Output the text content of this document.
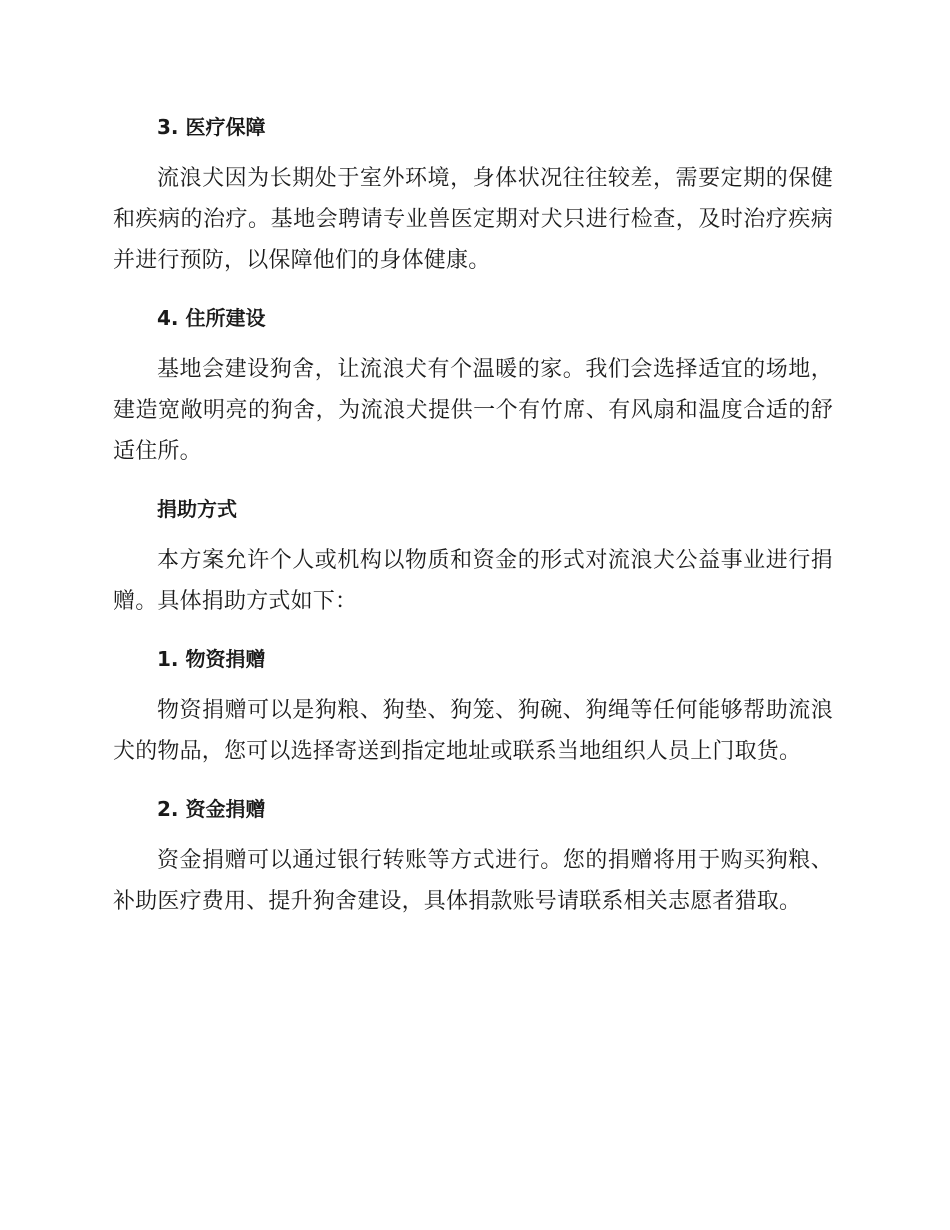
3. 医疗保障

流浪犬因为长期处于室外环境，身体状况往往较差，需要定期的保健和疾病的治疗。基地会聘请专业兽医定期对犬只进行检查，及时治疗疾病并进行预防，以保障他们的身体健康。

4. 住所建设

基地会建设狗舍，让流浪犬有个温暖的家。我们会选择适宜的场地，建造宽敞明亮的狗舍，为流浪犬提供一个有竹席、有风扇和温度合适的舒适住所。

捐助方式

本方案允许个人或机构以物质和资金的形式对流浪犬公益事业进行捐赠。具体捐助方式如下：

1. 物资捐赠

物资捐赠可以是狗粮、狗垫、狗笼、狗碗、狗绳等任何能够帮助流浪犬的物品，您可以选择寄送到指定地址或联系当地组织人员上门取货。

2. 资金捐赠

资金捐赠可以通过银行转账等方式进行。您的捐赠将用于购买狗粮、补助医疗费用、提升狗舍建设，具体捐款账号请联系相关志愿者猎取。
